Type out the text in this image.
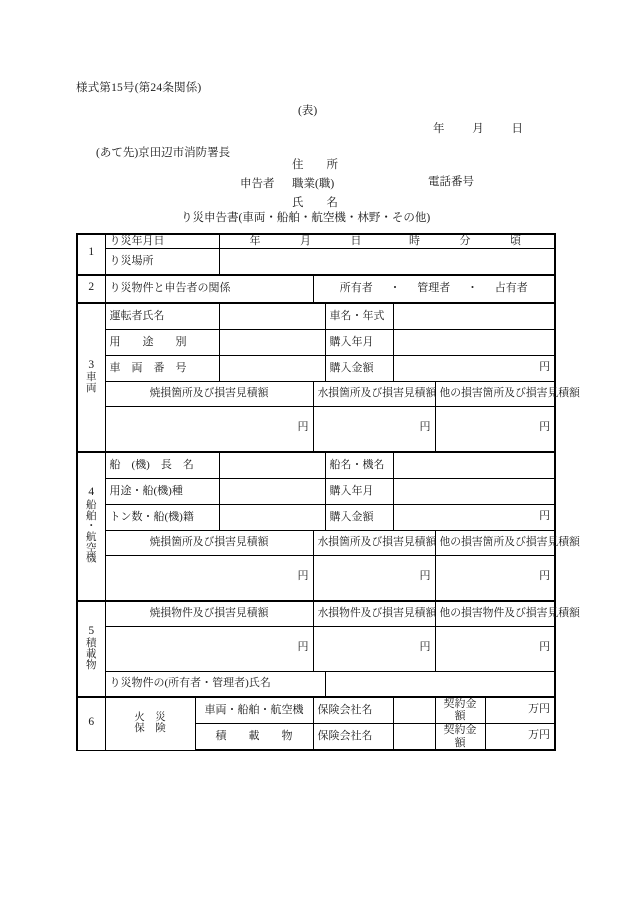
様式第15号(第24条関係)
(表)
年 月 日
(あて先)京田辺市消防署長
住　　所
申告者	職業(職)
氏　　名
電話番号
り災申告書(車両・船舶・航空機・林野・その他)
1	り災年月日		年 月 日 時 分 頃					
	り災場所							

2	り災物件と申告者の関係			所有者 ・ 管理者 ・ 占有者				

3
車
両	運転者氏名				車名・年式			
	用　　途　　別				購入年月			
	車　両　番　号				購入金額	円		
	焼損箇所及び損害見積額			水損箇所及び損害見積額			他の損害箇所及び損害見積額	
	円			円			円	

4
船
舶
・
航
空
機
	船　(機)　長　名		船名・機名	
	用途・船(機)種				購入年月			
	トン数・船(機)籍				購入金額	円		
	焼損箇所及び損害見積額			水損箇所及び損害見積額			他の損害箇所及び損害見積額	
	円			円			円	

5
積
載
物	焼損物件及び損害見積額			水損物件及び損害見積額			他の損害物件及び損害見積額	
	円			円			円	
	り災物件の(所有者・管理者)氏名							

6	火　災
保　険	車両・船舶・航空機		保険会社名			契約金額	万円
		積　　載　　物		保険会社名			契約金額	万円
